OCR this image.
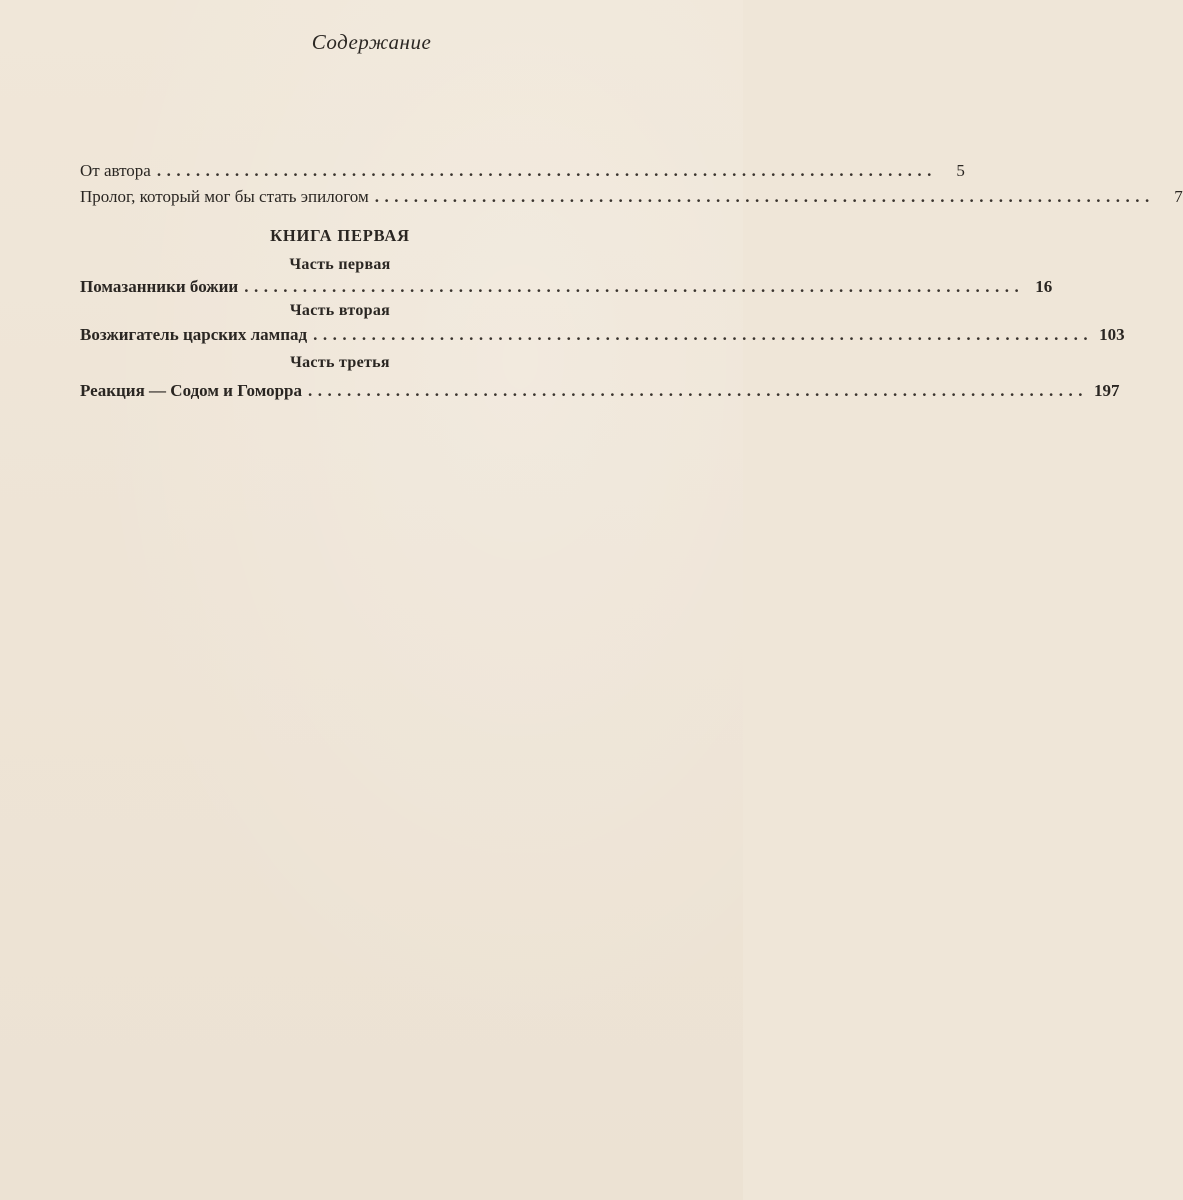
Содержание
От автора ................................................................................	5
Пролог, который мог бы стать эпилогом ................................................................................	7
КНИГА ПЕРВАЯ
Часть первая
Помазанники божии ................................................................................ 16
Часть вторая
Возжигатель царских лампад ................................................................................ 103
Часть третья
Реакция — Содом и Гоморра ................................................................................ 197
